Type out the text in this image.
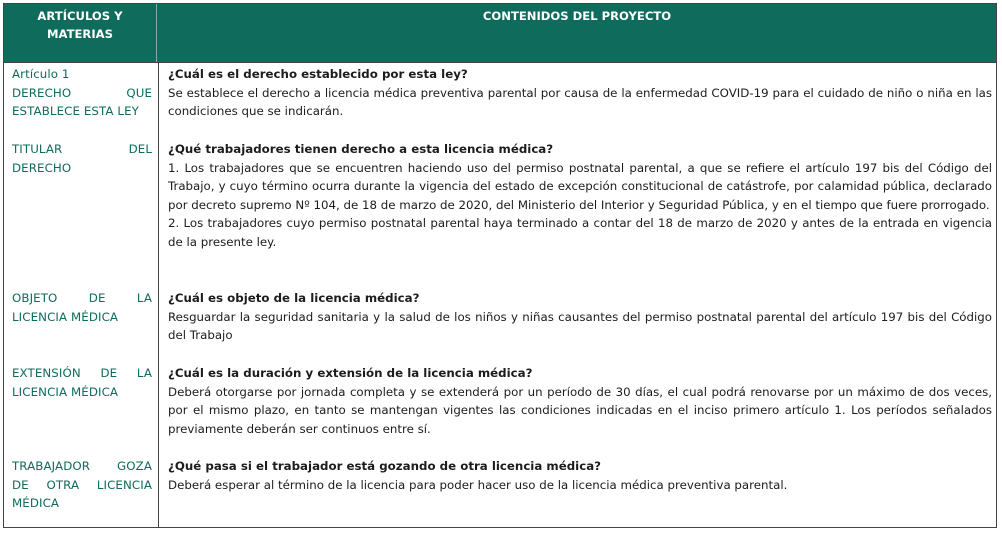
ARTÍCULOS Y
MATERIAS
CONTENIDOS DEL PROYECTO
Artículo 1
DERECHO QUE
ESTABLECE ESTA LEY
¿Cuál es el derecho establecido por esta ley?
Se establece el derecho a licencia médica preventiva parental por causa de la enfermedad COVID-19 para el cuidado de niño o niña en las condiciones que se indicarán.
TITULAR DEL
DERECHO
¿Qué trabajadores tienen derecho a esta licencia médica?
1. Los trabajadores que se encuentren haciendo uso del permiso postnatal parental, a que se refiere el artículo 197 bis del Código del Trabajo, y cuyo término ocurra durante la vigencia del estado de excepción constitucional de catástrofe, por calamidad pública, declarado por decreto supremo Nº 104, de 18 de marzo de 2020, del Ministerio del Interior y Seguridad Pública, y en el tiempo que fuere prorrogado.
2. Los trabajadores cuyo permiso postnatal parental haya terminado a contar del 18 de marzo de 2020 y antes de la entrada en vigencia de la presente ley.
OBJETO DE LA
LICENCIA MÉDICA
¿Cuál es objeto de la licencia médica?
Resguardar la seguridad sanitaria y la salud de los niños y niñas causantes del permiso postnatal parental del artículo 197 bis del Código del Trabajo
EXTENSIÓN DE LA
LICENCIA MÉDICA
¿Cuál es la duración y extensión de la licencia médica?
Deberá otorgarse por jornada completa y se extenderá por un período de 30 días, el cual podrá renovarse por un máximo de dos veces, por el mismo plazo, en tanto se mantengan vigentes las condiciones indicadas en el inciso primero artículo 1. Los períodos señalados previamente deberán ser continuos entre sí.
TRABAJADOR GOZA
DE OTRA LICENCIA
MÉDICA
¿Qué pasa si el trabajador está gozando de otra licencia médica?
Deberá esperar al término de la licencia para poder hacer uso de la licencia médica preventiva parental.
